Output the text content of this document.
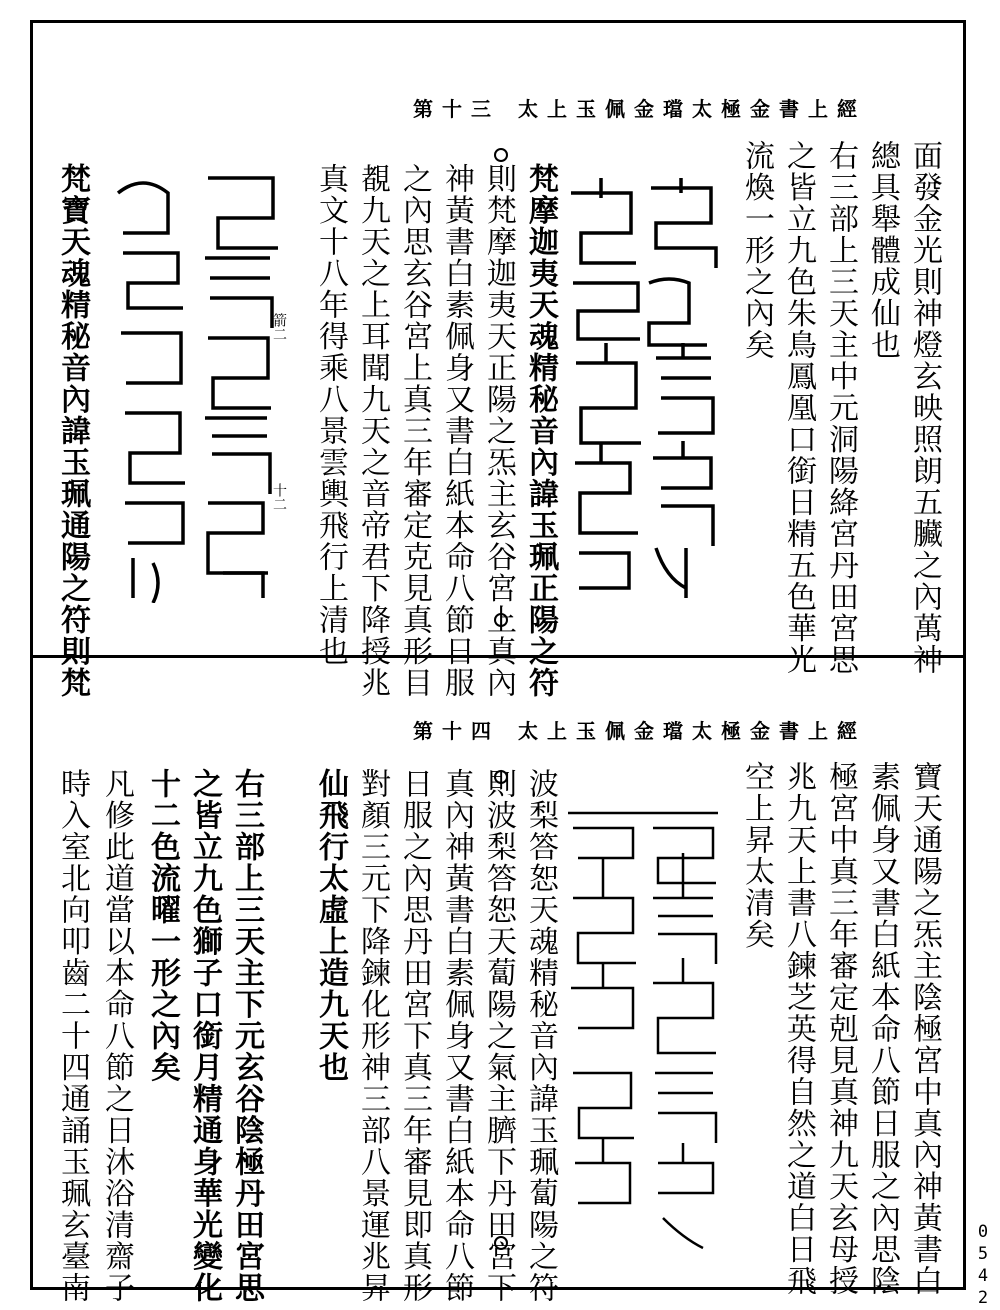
第十三 太上玉佩金璫太極金書上經
面發金光則神燈玄映照朗五臟之內萬神
總具舉體成仙也
右三部上三天主中元洞陽絳宮丹田宮思
之皆立九色朱鳥鳳凰口銜日精五色華光
流煥一形之內矣
梵摩迦夷天魂精秘音內諱玉珮正陽之符
則梵摩迦夷天正陽之炁主玄谷宮上真內
神黃書白素佩身又書白紙本命八節日服
之內思玄谷宮上真三年審定克見真形目
覩九天之上耳聞九天之音帝君下降授兆
真文十八年得乘八景雲輿飛行上清也
箭二
十二
梵寶天魂精秘音內諱玉珮通陽之符則梵
第十四 太上玉佩金璫太極金書上經
寶天通陽之炁主陰極宮中真內神黃書白
素佩身又書白紙本命八節日服之內思陰
極宮中真三年審定剋見真神九天玄母授
兆九天上書八鍊芝英得自然之道白日飛
空上昇太清矣
波梨答恕天魂精秘音內諱玉珮蔔陽之符
則波梨答恕天蔔陽之氣主臍下丹田宮下
真內神黃書白素佩身又書白紙本命八節
日服之內思丹田宮下真三年審見即真形
對顏三元下降鍊化形神三部八景運兆昇
仙飛行太虛上造九天也
右三部上三天主下元玄谷陰極丹田宮思
之皆立九色獅子口銜月精通身華光變化
十二色流曜一形之內矣
凡修此道當以本命八節之日沐浴清齋子
時入室北向叩齒二十四通誦玉珮玄臺南	0542
